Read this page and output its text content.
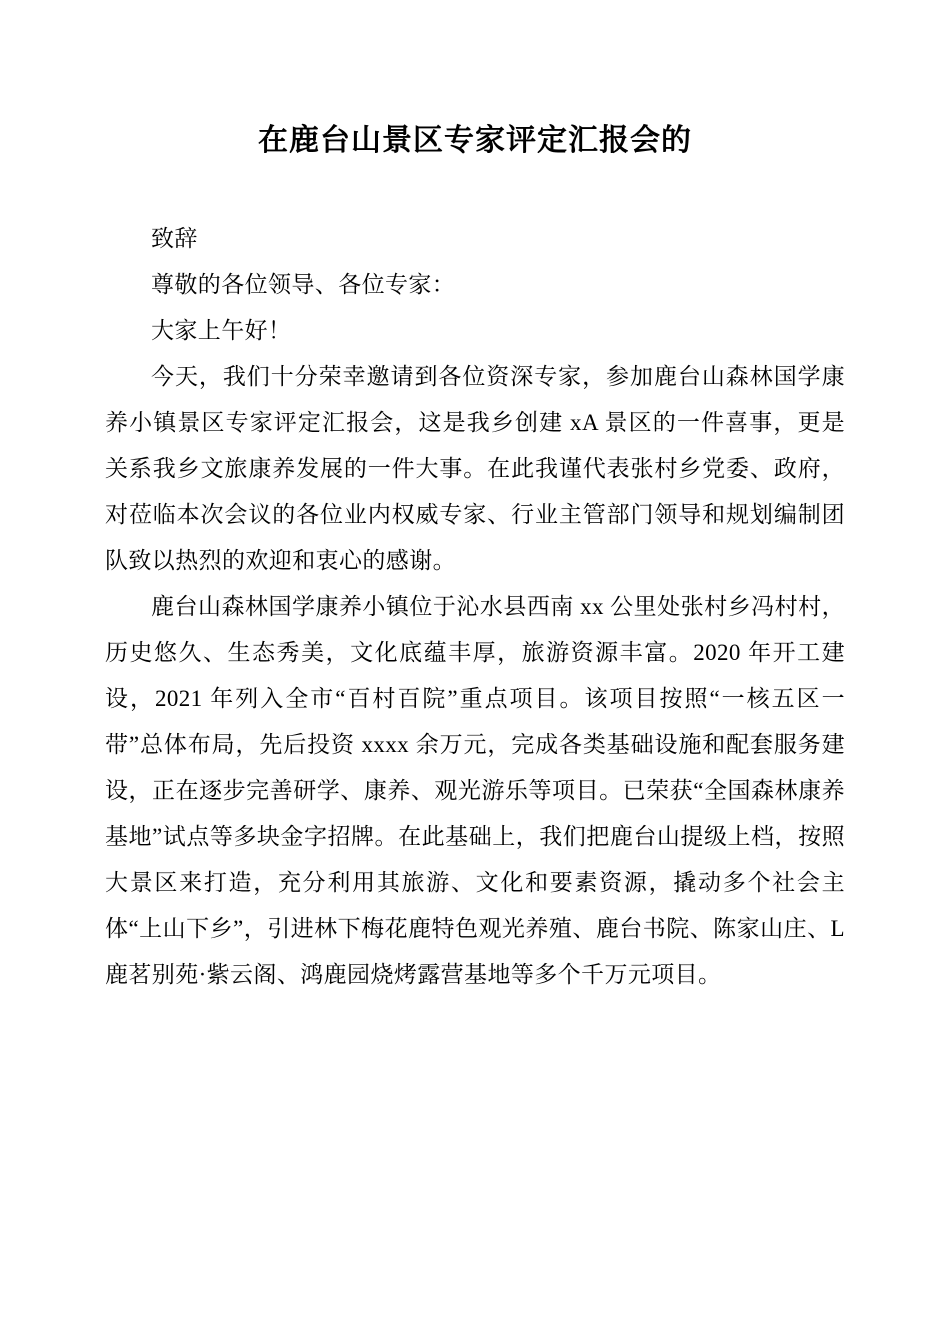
在鹿台山景区专家评定汇报会的

致辞

尊敬的各位领导、各位专家：

大家上午好！

今天，我们十分荣幸邀请到各位资深专家，参加鹿台山森林国学康养小镇景区专家评定汇报会，这是我乡创建 xA 景区的一件喜事，更是关系我乡文旅康养发展的一件大事。在此我谨代表张村乡党委、政府，对莅临本次会议的各位业内权威专家、行业主管部门领导和规划编制团队致以热烈的欢迎和衷心的感谢。

鹿台山森林国学康养小镇位于沁水县西南 xx 公里处张村乡冯村村，历史悠久、生态秀美，文化底蕴丰厚，旅游资源丰富。2020 年开工建设，2021 年列入全市“百村百院”重点项目。该项目按照“一核五区一带”总体布局，先后投资 xxxx 余万元，完成各类基础设施和配套服务建设，正在逐步完善研学、康养、观光游乐等项目。已荣获“全国森林康养基地”试点等多块金字招牌。在此基础上，我们把鹿台山提级上档，按照大景区来打造，充分利用其旅游、文化和要素资源，撬动多个社会主体“上山下乡”，引进林下梅花鹿特色观光养殖、鹿台书院、陈家山庄、L 鹿茗别苑·紫云阁、鸿鹿园烧烤露营基地等多个千万元项目。
